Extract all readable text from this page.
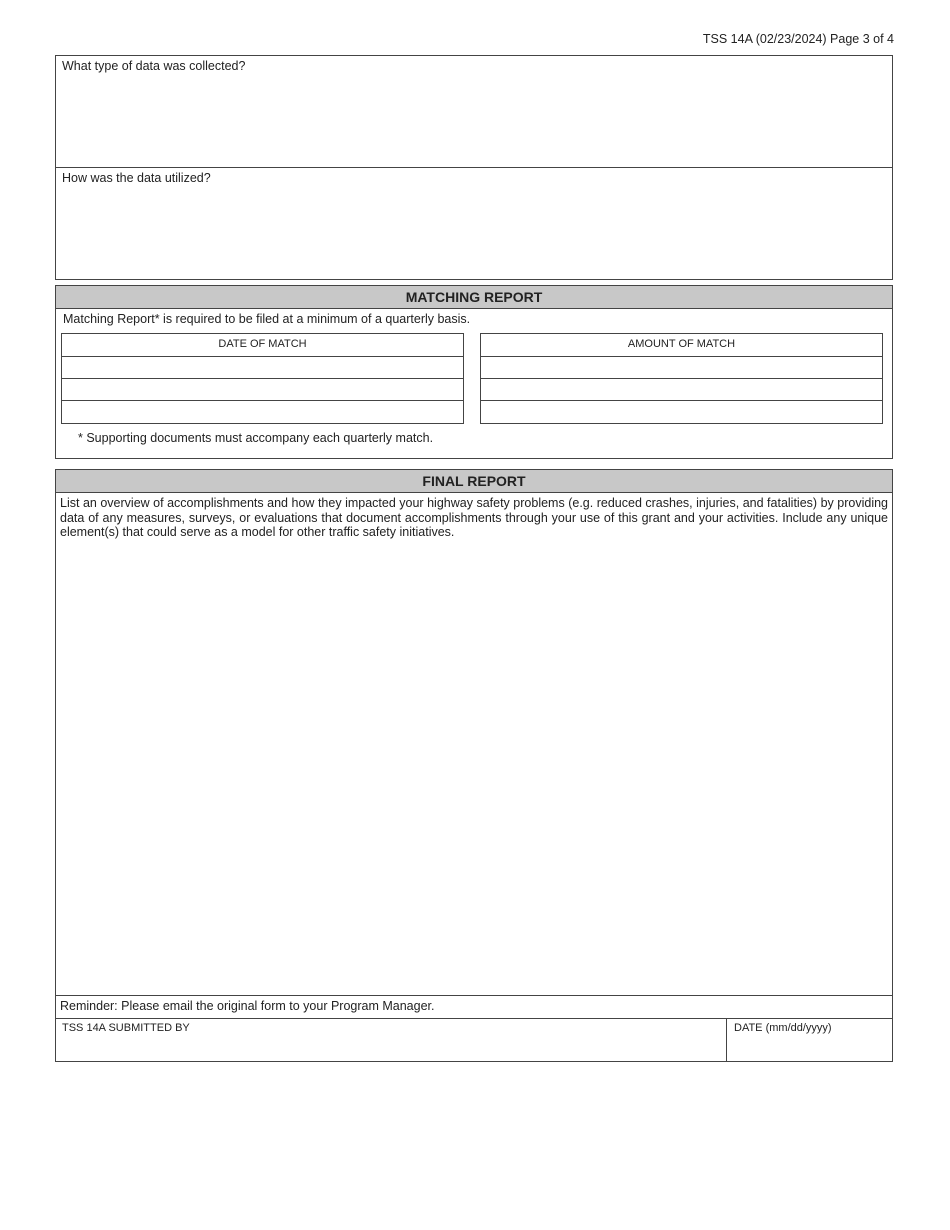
TSS 14A (02/23/2024) Page 3 of 4
What type of data was collected?
How was the data utilized?
MATCHING REPORT
Matching Report* is required to be filed at a minimum of a quarterly basis.
DATE OF MATCH	AMOUNT OF MATCH
* Supporting documents must accompany each quarterly match.
FINAL REPORT
List an overview of accomplishments and how they impacted your highway safety problems (e.g. reduced crashes, injuries, and fatalities) by providing data of any measures, surveys, or evaluations that document accomplishments through your use of this grant and your activities. Include any unique element(s) that could serve as a model for other traffic safety initiatives.
Reminder: Please email the original form to your Program Manager.
TSS 14A SUBMITTED BY	DATE (mm/dd/yyyy)
